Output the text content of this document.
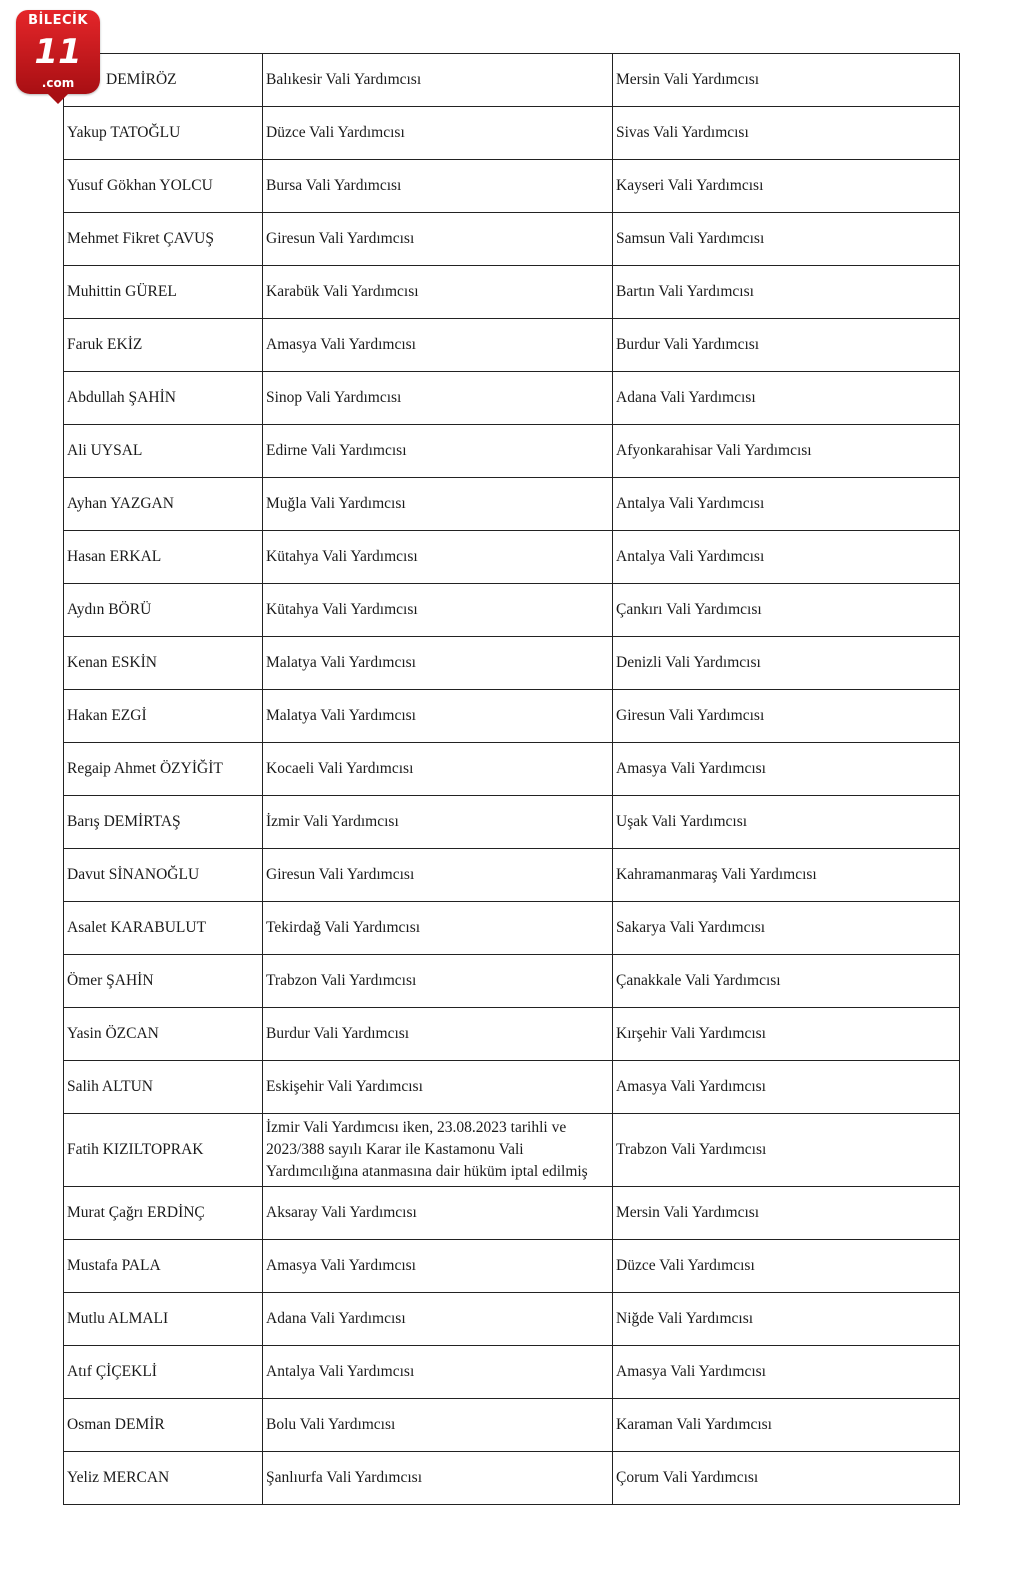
BİLECİK
11
.com	DEMİRÖZ	Balıkesir Vali Yardımcısı	Mersin Vali Yardımcısı
Yakup TATOĞLU	Düzce Vali Yardımcısı	Sivas Vali Yardımcısı
Yusuf Gökhan YOLCU	Bursa Vali Yardımcısı	Kayseri Vali Yardımcısı
Mehmet Fikret ÇAVUŞ	Giresun Vali Yardımcısı	Samsun Vali Yardımcısı
Muhittin GÜREL	Karabük Vali Yardımcısı	Bartın Vali Yardımcısı
Faruk EKİZ	Amasya Vali Yardımcısı	Burdur Vali Yardımcısı
Abdullah ŞAHİN	Sinop Vali Yardımcısı	Adana Vali Yardımcısı
Ali UYSAL	Edirne Vali Yardımcısı	Afyonkarahisar Vali Yardımcısı
Ayhan YAZGAN	Muğla Vali Yardımcısı	Antalya Vali Yardımcısı
Hasan ERKAL	Kütahya Vali Yardımcısı	Antalya Vali Yardımcısı
Aydın BÖRÜ	Kütahya Vali Yardımcısı	Çankırı Vali Yardımcısı
Kenan ESKİN	Malatya Vali Yardımcısı	Denizli Vali Yardımcısı
Hakan EZGİ	Malatya Vali Yardımcısı	Giresun Vali Yardımcısı
Regaip Ahmet ÖZYİĞİT	Kocaeli Vali Yardımcısı	Amasya Vali Yardımcısı
Barış DEMİRTAŞ	İzmir Vali Yardımcısı	Uşak Vali Yardımcısı
Davut SİNANOĞLU	Giresun Vali Yardımcısı	Kahramanmaraş Vali Yardımcısı
Asalet KARABULUT	Tekirdağ Vali Yardımcısı	Sakarya Vali Yardımcısı
Ömer ŞAHİN	Trabzon Vali Yardımcısı	Çanakkale Vali Yardımcısı
Yasin ÖZCAN	Burdur Vali Yardımcısı	Kırşehir Vali Yardımcısı
Salih ALTUN	Eskişehir Vali Yardımcısı	Amasya Vali Yardımcısı
Fatih KIZILTOPRAK	İzmir Vali Yardımcısı iken, 23.08.2023 tarihli ve 2023/388 sayılı Karar ile Kastamonu Vali Yardımcılığına atanmasına dair hüküm iptal edilmiş	Trabzon Vali Yardımcısı
Murat Çağrı ERDİNÇ	Aksaray Vali Yardımcısı	Mersin Vali Yardımcısı
Mustafa PALA	Amasya Vali Yardımcısı	Düzce Vali Yardımcısı
Mutlu ALMALI	Adana Vali Yardımcısı	Niğde Vali Yardımcısı
Atıf ÇİÇEKLİ	Antalya Vali Yardımcısı	Amasya Vali Yardımcısı
Osman DEMİR	Bolu Vali Yardımcısı	Karaman Vali Yardımcısı
Yeliz MERCAN	Şanlıurfa Vali Yardımcısı	Çorum Vali Yardımcısı
